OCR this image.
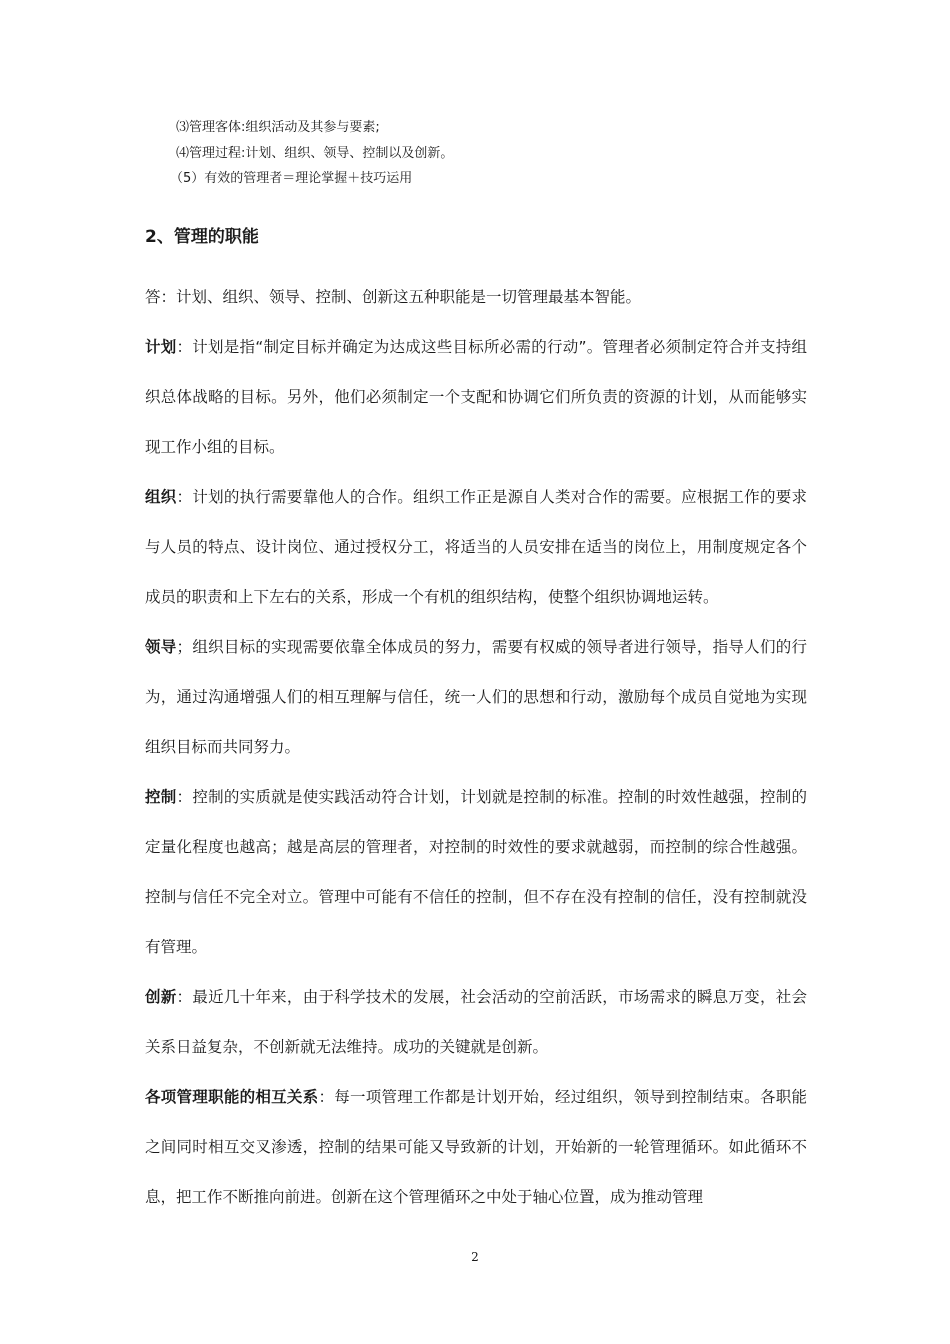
⑶管理客体:组织活动及其参与要素;
⑷管理过程:计划、组织、领导、控制以及创新。
（5）有效的管理者＝理论掌握＋技巧运用
2、管理的职能

答：计划、组织、领导、控制、创新这五种职能是一切管理最基本智能。

计划：计划是指“制定目标并确定为达成这些目标所必需的行动”。管理者必须制定符合并支持组织总体战略的目标。另外，他们必须制定一个支配和协调它们所负责的资源的计划，从而能够实现工作小组的目标。

组织：计划的执行需要靠他人的合作。组织工作正是源自人类对合作的需要。应根据工作的要求与人员的特点、设计岗位、通过授权分工，将适当的人员安排在适当的岗位上，用制度规定各个成员的职责和上下左右的关系，形成一个有机的组织结构，使整个组织协调地运转。

领导；组织目标的实现需要依靠全体成员的努力，需要有权威的领导者进行领导，指导人们的行为，通过沟通增强人们的相互理解与信任，统一人们的思想和行动，激励每个成员自觉地为实现组织目标而共同努力。

控制：控制的实质就是使实践活动符合计划，计划就是控制的标准。控制的时效性越强，控制的定量化程度也越高；越是高层的管理者，对控制的时效性的要求就越弱，而控制的综合性越强。控制与信任不完全对立。管理中可能有不信任的控制，但不存在没有控制的信任，没有控制就没有管理。

创新：最近几十年来，由于科学技术的发展，社会活动的空前活跃，市场需求的瞬息万变，社会关系日益复杂，不创新就无法维持。成功的关键就是创新。

各项管理职能的相互关系：每一项管理工作都是计划开始，经过组织，领导到控制结束。各职能之间同时相互交叉渗透，控制的结果可能又导致新的计划，开始新的一轮管理循环。如此循环不息，把工作不断推向前进。创新在这个管理循环之中处于轴心位置，成为推动管理

2
